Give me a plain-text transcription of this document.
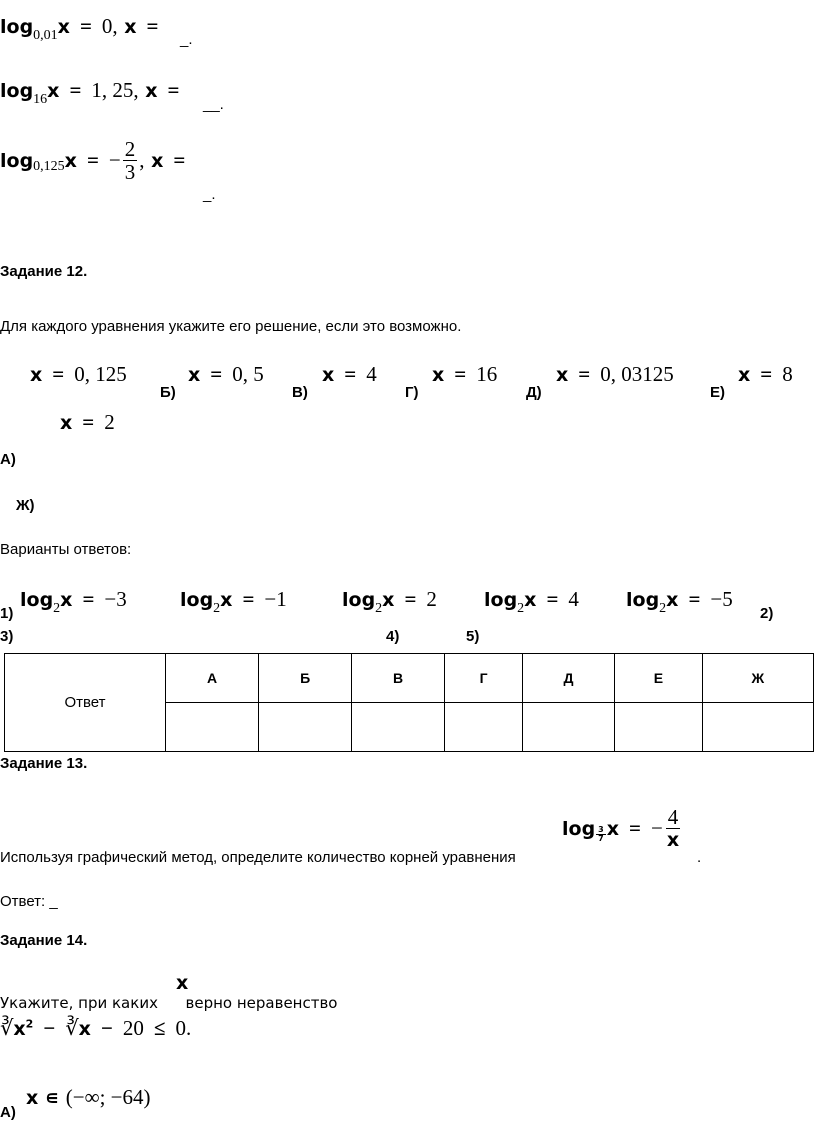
$\log_{0,01}x = 0$, x =
_.
$\log_{16}x = 1$, 25, x =
__.
log 0,125 x = − $\frac{2}{3}$ ,
x =
_.
Задание 12.
Для каждого уравнения укажите его решение, если это возможно.
x = 0, 125
Б)
x = 0, 5
В)
x = 4
Г)
x = 16
Д)
x = 0, 03125
Е)
x = 8
x = 2
А)
Ж)
Варианты ответов:
$\log_2x = -3$	$\log_2x = -1$	$\log_2x = 2$ $\log_2x = 4$ $\log_2x = -5$
1)	2)
3)	4)	5)
Ответ	А	Б	В	Г	Д	Е	Ж

Задание 13.
$\log \frac{3}{7}$ x = − $\frac{4}{x}$
Используя графический метод, определите количество корней уравнения	.
Ответ: _
Задание 14.
x
Укажите, при каких верно неравенство
$∛x^2$ − ∛x − 20 ≤ 0.
x ∊ (−∞; −64)
А)
